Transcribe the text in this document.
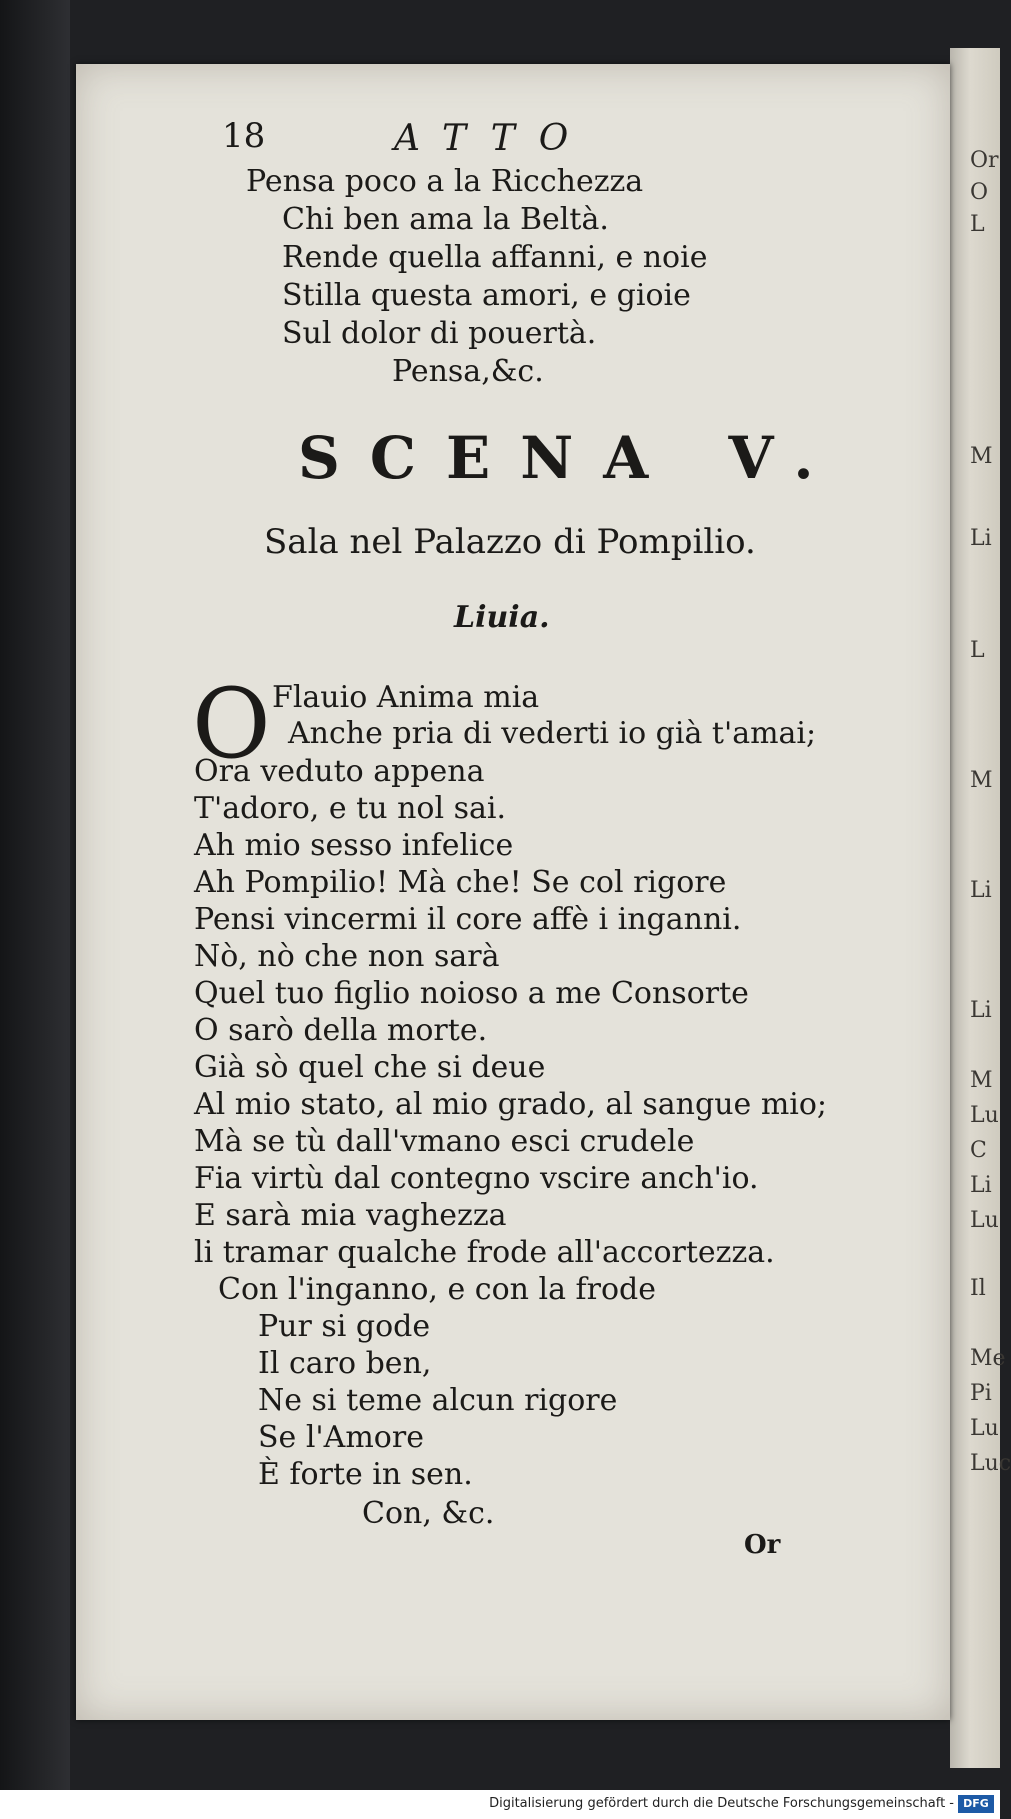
Or
O
L
M
Li
L
M
Li
Li
M
Lu
C
Li
Lu
Il
Me
Pi
Lu
Luc
18	ATTO
Pensa poco a la Ricchezza
Chi ben ama la Beltà.
Rende quella affanni, e noie
Stilla questa amori, e gioie
Sul dolor di pouertà.
Pensa,&c.
SCENA V.
Sala nel Palazzo di Pompilio.
Liuia.
O Flauio Anima mia
Anche pria di vederti io già t'amai;
Ora veduto appena
T'adoro, e tu nol sai.
Ah mio sesso infelice
Ah Pompilio! Mà che! Se col rigore
Pensi vincermi il core affè i inganni.
Nò, nò che non sarà
Quel tuo figlio noioso a me Consorte
O sarò della morte.
Già sò quel che si deue
Al mio stato, al mio grado, al sangue mio;
Mà se tù dall'vmano esci crudele
Fia virtù dal contegno vscire anch'io.
E sarà mia vaghezza
li tramar qualche frode all'accortezza.
Con l'inganno, e con la frode
Pur si gode
Il caro ben,
Ne si teme alcun rigore
Se l'Amore
È forte in sen.
Con, &c.
Or
Digitalisierung gefördert durch die Deutsche Forschungsgemeinschaft - DFG
